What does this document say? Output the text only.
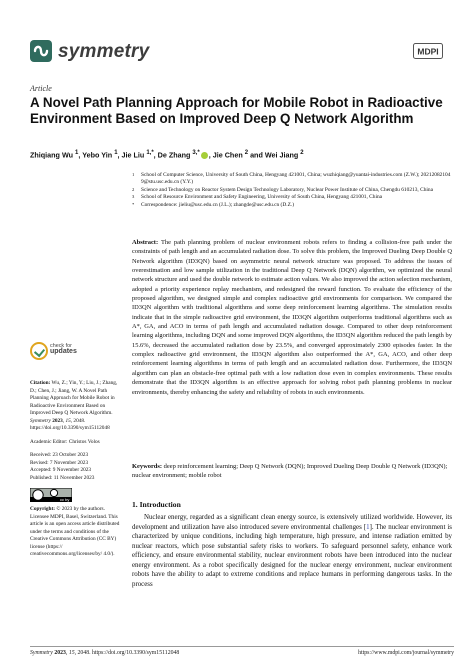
symmetry	MDPI
Article
A Novel Path Planning Approach for Mobile Robot in Radioactive Environment Based on Improved Deep Q Network Algorithm
Zhiqiang Wu $^1$, Yebo Yin $^1$, Jie Liu $^{1,*}$, De Zhang $^{3,*}$ , Jie Chen $^2$ and Wei Jiang $^2$
1 School of Computer Science, University of South China, Hengyang 421001, China; wuzhiqiang@yuantai-industries.com (Z.W.); 20212082104​9@stu.usc.edu.cn (Y.Y.)
2 Science and Technology on Reactor System Design Technology Laboratory, Nuclear Power Institute of China, Chengdu 610213, China
3 School of Resource Environment and Safety Engineering, University of South China, Hengyang 421001, China
* Correspondence: jieliu@usc.edu.cn (J.L.); zhangde@usc.edu.cn (D.Z.)
Abstract: The path planning problem of nuclear environment robots refers to finding a collision-free path under the constraints of path length and an accumulated radiation dose. To solve this problem, the Improved Dueling Deep Double Q Network algorithm (ID3QN) based on asymmetric neural network structure was proposed. To address the issues of overestimation and low sample utilization in the traditional Deep Q Network (DQN) algorithm, we optimized the neural network structure and used the double network to estimate action values. We also improved the action selection mechanism, adopted a priority experience replay mechanism, and redesigned the reward function. To evaluate the efficiency of the proposed algorithm, we designed simple and complex radioactive grid environments for comparison. We compared the ID3QN algorithm with traditional algorithms and some deep reinforcement learning algorithms. The simulation results indicate that in the simple radioactive grid environment, the ID3QN algorithm outperforms traditional algorithms such as A*, GA, and ACO in terms of path length and accumulated radiation dosage. Compared to other deep reinforcement learning algorithms, including DQN and some improved DQN algorithms, the ID3QN algorithm reduced the path length by 15.6%, decreased the accumulated radiation dose by 23.5%, and converged approximately 2300 episodes faster. In the complex radioactive grid environment, the ID3QN algorithm also outperformed the A*, GA, ACO, and other deep reinforcement learning algorithms in terms of path length and an accumulated radiation dose. Furthermore, the ID3QN algorithm can plan an obstacle-free optimal path with a low radiation dose even in complex environments. These results demonstrate that the ID3QN algorithm is an effective approach for solving robot path planning problems in nuclear environments, thereby enhancing the safety and reliability of robots in such environments.
Keywords: deep reinforcement learning; Deep Q Network (DQN); Improved Dueling Deep Double Q Network (ID3QN); nuclear environment; mobile robot
1. Introduction
Nuclear energy, regarded as a significant clean energy source, is extensively utilized worldwide. However, its development and utilization have also introduced severe environmental challenges [1]. The nuclear environment is characterized by unique conditions, including high temperature, high pressure, and intense radiation emitted by nuclear reactors, which pose substantial safety risks to workers. To safeguard personnel safety, enhance work efficiency, and ensure environmental stability, nuclear environment robots have been introduced into the nuclear energy environment. As a robot specifically designed for the nuclear energy environment, nuclear environment robots have the ability to adapt to extreme conditions and replace humans in performing dangerous tasks. In the process
check for
updates
Citation: Wu, Z.; Yin, Y.; Liu, J.; Zhang, D.; Chen, J.; Jiang, W. A Novel Path Planning Approach for Mobile Robot in Radioactive Environment Based on Improved Deep Q Network Algorithm. Symmetry 2023, 15, 2048. https://doi.org/10.3390/sym15112048
Academic Editor: Christos Volos
Received: 23 October 2023
Revised: 7 November 2023
Accepted: 9 November 2023
Published: 11 November 2023
cc by
Copyright: © 2023 by the authors. Licensee MDPI, Basel, Switzerland. This article is an open access article distributed under the terms and conditions of the Creative Commons Attribution (CC BY) license (https:// creativecommons.org/licenses/by/ 4.0/).
Symmetry 2023, 15, 2048. https://doi.org/10.3390/sym15112048	https://www.mdpi.com/journal/symmetry
